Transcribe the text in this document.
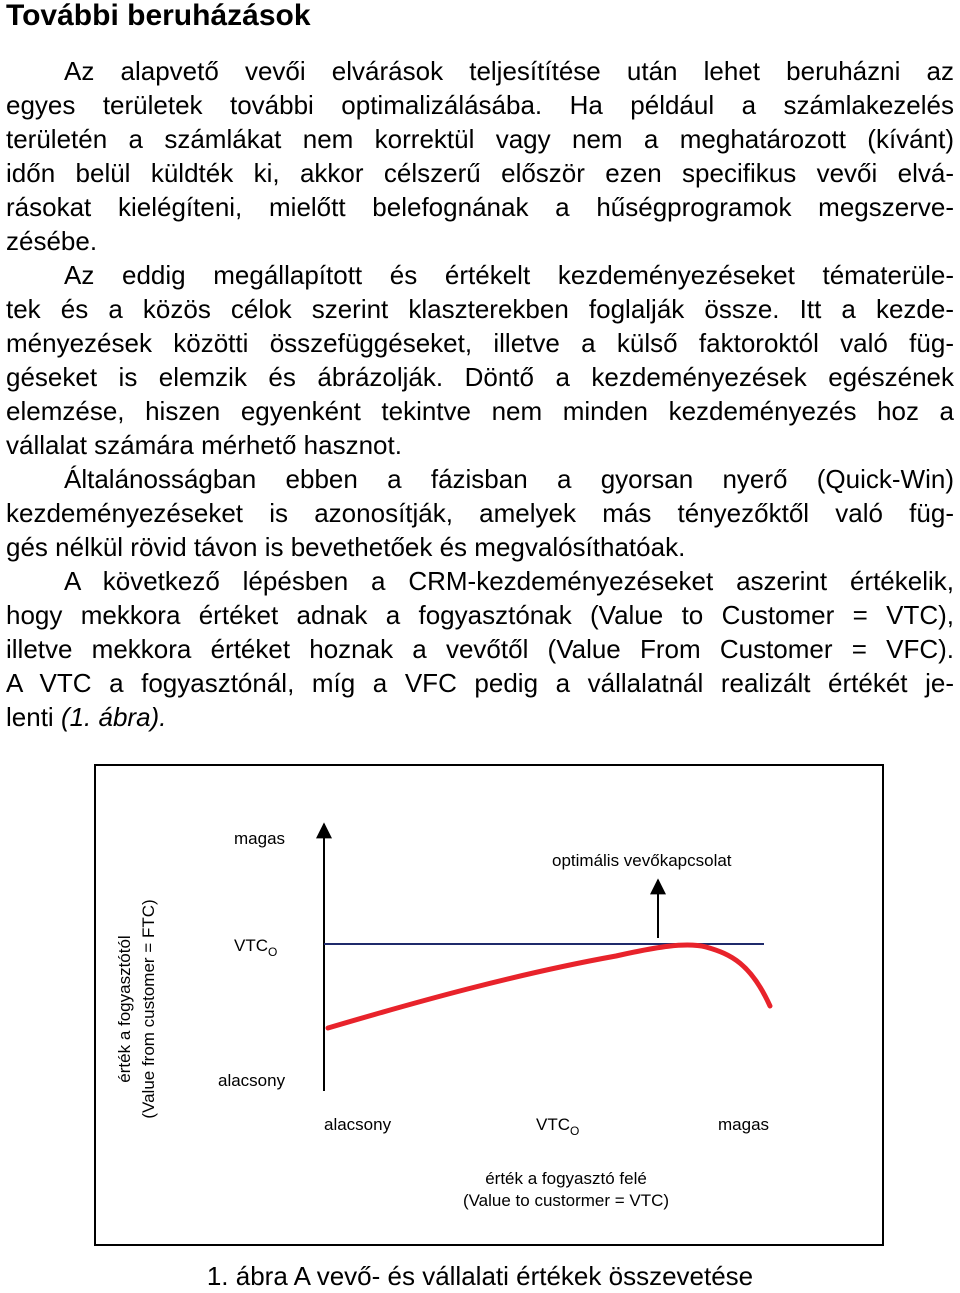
További beruházások
Az alapvető vevői elvárások teljesítítése után lehet beruházni az
egyes területek további optimalizálásába. Ha például a számlakezelés
területén a számlákat nem korrektül vagy nem a meghatározott (kívánt)
időn belül küldték ki, akkor célszerű először ezen specifikus vevői elvá-
rásokat kielégíteni, mielőtt belefognának a hűségprogramok megszerve-
zésébe.
Az eddig megállapított és értékelt kezdeményezéseket tématerüle-
tek és a közös célok szerint klaszterekben foglalják össze. Itt a kezde-
ményezések közötti összefüggéseket, illetve a külső faktoroktól való füg-
géseket is elemzik és ábrázolják. Döntő a kezdeményezések egészének
elemzése, hiszen egyenként tekintve nem minden kezdeményezés hoz a
vállalat számára mérhető hasznot.
Általánosságban ebben a fázisban a gyorsan nyerő (Quick-Win)
kezdeményezéseket is azonosítják, amelyek más tényezőktől való füg-
gés nélkül rövid távon is bevethetőek és megvalósíthatóak.
A következő lépésben a CRM-kezdeményezéseket aszerint értékelik,
hogy mekkora értéket adnak a fogyasztónak (Value to Customer = VTC),
illetve mekkora értéket hoznak a vevőtől (Value From Customer = VFC).
A VTC a fogyasztónál, míg a VFC pedig a vállalatnál realizált értékét je-
lenti (1. ábra).
érték a fogyasztótól (Value from customer = FTC)
magas
$VTC_O$
alacsony
optimális vevőkapcsolat
alacsony	$VTC_O$	magas
érték a fogyasztó felé
(Value to custormer = VTC)
1. ábra A vevő- és vállalati értékek összevetése
